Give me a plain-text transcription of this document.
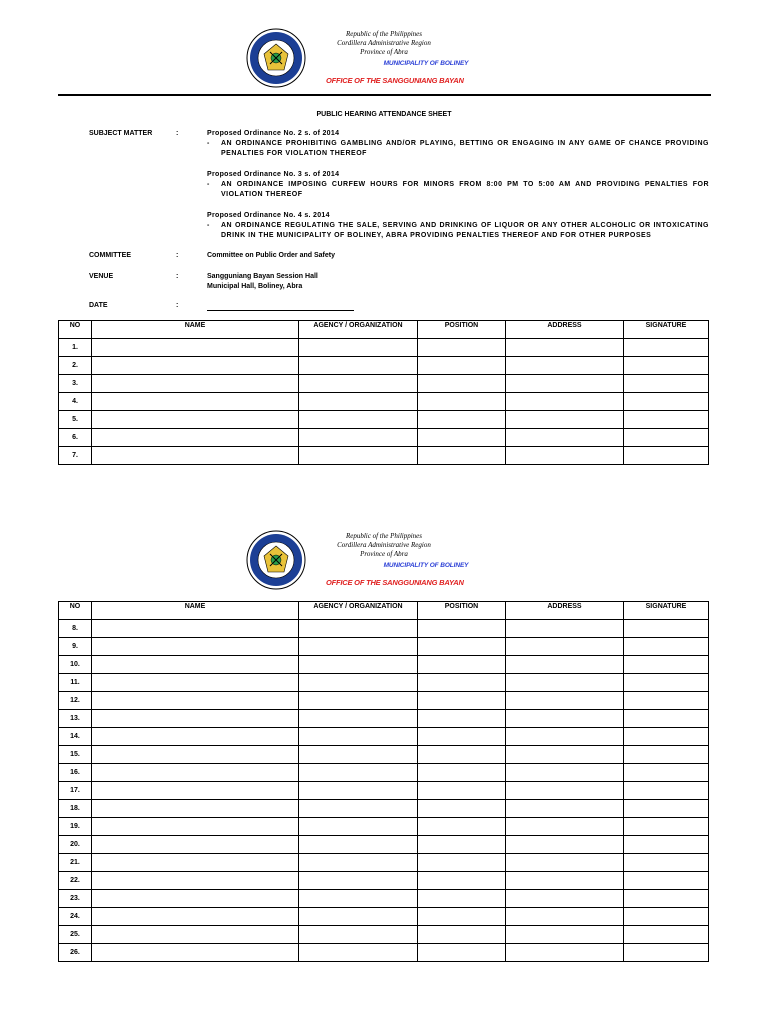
Republic of the Philippines
Cordillera Administrative Region
Province of Abra
MUNICIPALITY OF BOLINEY
OFFICE OF THE SANGGUNIANG BAYAN
PUBLIC HEARING ATTENDANCE SHEET
SUBJECT MATTER	:	Proposed Ordinance No. 2 s. of 2014
-	AN ORDINANCE PROHIBITING GAMBLING AND/OR PLAYING, BETTING OR ENGAGING IN ANY GAME OF CHANCE PROVIDING PENALTIES FOR VIOLATION THEREOF
Proposed Ordinance No. 3 s. of 2014
-	AN ORDINANCE IMPOSING CURFEW HOURS FOR MINORS FROM 8:00 PM TO 5:00 AM AND PROVIDING PENALTIES FOR VIOLATION THEREOF
Proposed Ordinance No. 4 s. 2014
-	AN ORDINANCE REGULATING THE SALE, SERVING AND DRINKING OF LIQUOR OR ANY OTHER ALCOHOLIC OR INTOXICATING DRINK IN THE MUNICIPALITY OF BOLINEY, ABRA PROVIDING PENALTIES THEREOF AND FOR OTHER PURPOSES
COMMITTEE	:	Committee on Public Order and Safety
VENUE	:	Sangguniang Bayan Session Hall
Municipal Hall, Boliney, Abra
DATE	:
NO	NAME	AGENCY / ORGANIZATION	POSITION	ADDRESS	SIGNATURE
1.					
2.					
3.					
4.					
5.					
6.					
7.					
Republic of the Philippines
Cordillera Administrative Region
Province of Abra
MUNICIPALITY OF BOLINEY
OFFICE OF THE SANGGUNIANG BAYAN
NO	NAME	AGENCY / ORGANIZATION	POSITION	ADDRESS	SIGNATURE
8.					
9.					
10.					
11.					
12.					
13.					
14.					
15.					
16.					
17.					
18.					
19.					
20.					
21.					
22.					
23.					
24.					
25.					
26.					
